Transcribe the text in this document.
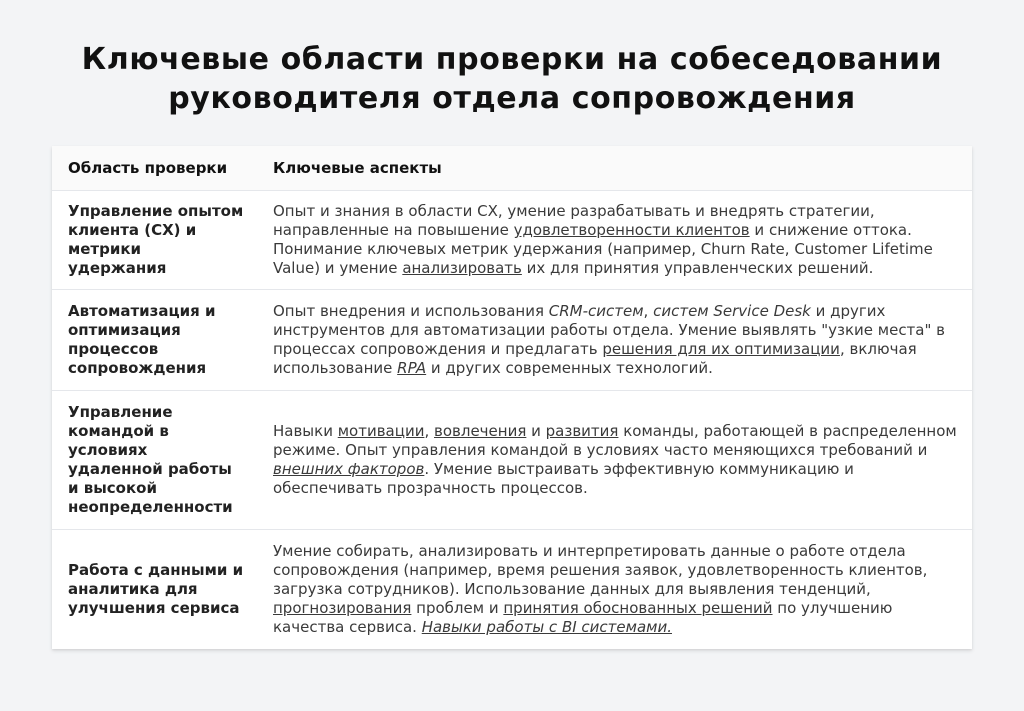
Ключевые области проверки на собеседовании руководителя отдела сопровождения
Область проверки	Ключевые аспекты
Управление опытом клиента (CX) и метрики удержания	Опыт и знания в области CX, умение разрабатывать и внедрять стратегии, направленные на повышение удовлетворенности клиентов и снижение оттока. Понимание ключевых метрик удержания (например, Churn Rate, Customer Lifetime Value) и умение анализировать их для принятия управленческих решений.
Автоматизация и оптимизация процессов сопровождения	Опыт внедрения и использования CRM-систем, систем Service Desk и других инструментов для автоматизации работы отдела. Умение выявлять "узкие места" в процессах сопровождения и предлагать решения для их оптимизации, включая использование RPA и других современных технологий.
Управление командой в условиях удаленной работы и высокой неопределенности	Навыки мотивации, вовлечения и развития команды, работающей в распределенном режиме. Опыт управления командой в условиях часто меняющихся требований и внешних факторов. Умение выстраивать эффективную коммуникацию и обеспечивать прозрачность процессов.
Работа с данными и аналитика для улучшения сервиса	Умение собирать, анализировать и интерпретировать данные о работе отдела сопровождения (например, время решения заявок, удовлетворенность клиентов, загрузка сотрудников). Использование данных для выявления тенденций, прогнозирования проблем и принятия обоснованных решений по улучшению качества сервиса. Навыки работы с BI системами.
